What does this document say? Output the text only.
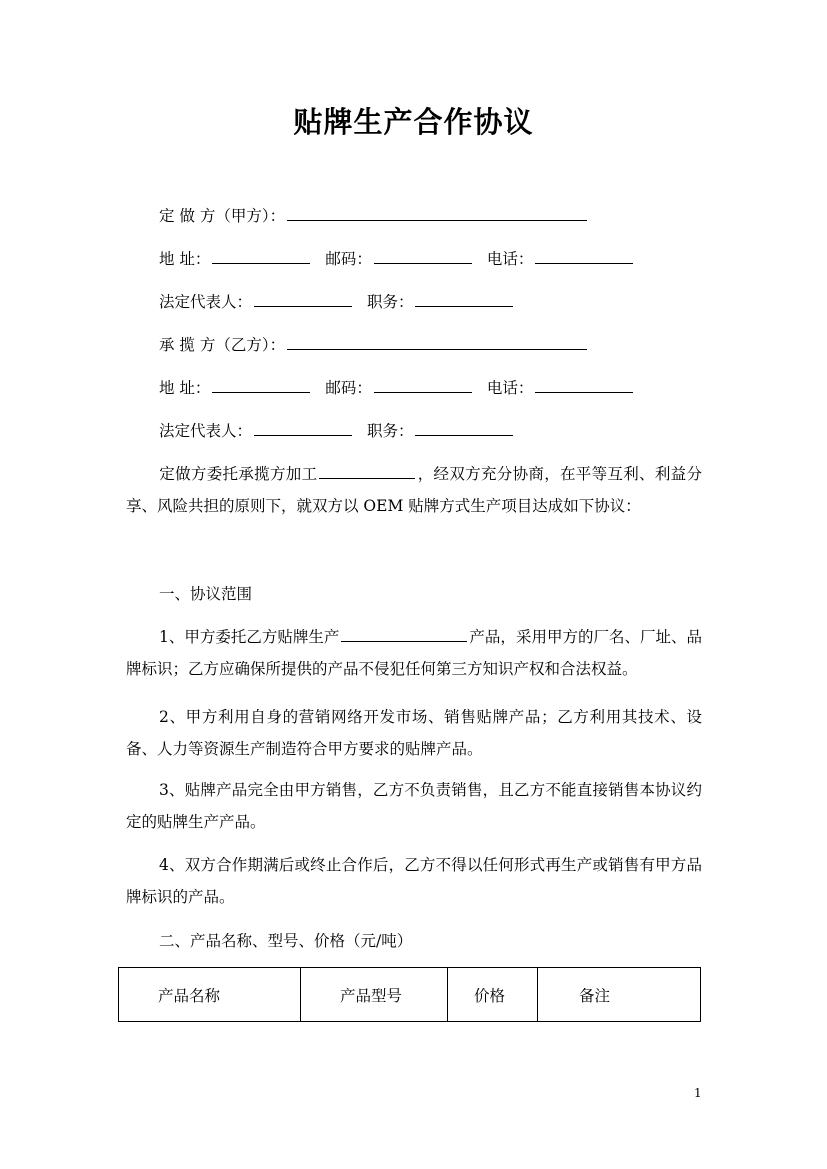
贴牌生产合作协议
定 做 方（甲方）：
地 址：	邮码：	电话：
法定代表人：	职务：
承 揽 方（乙方）：
地 址：	邮码：	电话：
法定代表人：	职务：
定做方委托承揽方加工	，经双方充分协商，在平等互利、利益分享、风险共担的原则下，就双方以 OEM 贴牌方式生产项目达成如下协议：
一、协议范围
1、甲方委托乙方贴牌生产	产品，采用甲方的厂名、厂址、品牌标识；乙方应确保所提供的产品不侵犯任何第三方知识产权和合法权益。
2、甲方利用自身的营销网络开发市场、销售贴牌产品；乙方利用其技术、设备、人力等资源生产制造符合甲方要求的贴牌产品。
3、贴牌产品完全由甲方销售，乙方不负责销售，且乙方不能直接销售本协议约定的贴牌生产产品。
4、双方合作期满后或终止合作后，乙方不得以任何形式再生产或销售有甲方品牌标识的产品。
二、产品名称、型号、价格（元/吨）
产品名称	产品型号	价格	备注
1
